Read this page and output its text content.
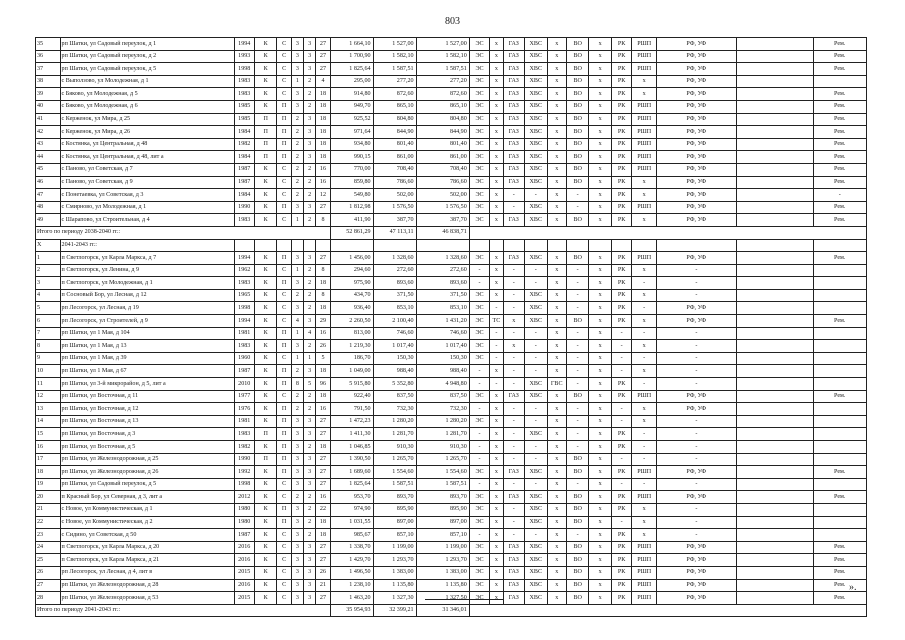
803
35	рп Шатки, ул Садовый переулок, д 1	1994	К	С	3	3	27	1 664,10	1 527,00	1 527,00	ЭС	х	ГАЗ	ХВС	х	ВО	х	РК	РШП	РФ, УФ		Рем.
36	рп Шатки, ул Садовый переулок, д 2	1993	К	С	3	3	27	1 700,90	1 582,10	1 582,10	ЭС	х	ГАЗ	ХВС	х	ВО	х	РК	РШП	РФ, УФ		Рем.
37	рп Шатки, ул Садовый переулок, д 5	1998	К	С	3	3	27	1 825,64	1 587,51	1 587,51	ЭС	х	ГАЗ	ХВС	х	ВО	х	РК	РШП	РФ, УФ		Рем.
38	с Выползово, ул Молодежная, д 1	1983	К	С	1	2	4	295,00	277,20	277,20	ЭС	х	ГАЗ	ХВС	х	ВО	х	РК	х	РФ, УФ		
39	с Бяково, ул Молодежная, д 5	1983	К	С	3	2	18	914,80	872,60	872,60	ЭС	х	ГАЗ	ХВС	х	ВО	х	РК	х	РФ, УФ		Рем.
40	с Бяково, ул Молодежная, д 6	1985	К	П	3	2	18	949,70	865,10	865,10	ЭС	х	ГАЗ	ХВС	х	ВО	х	РК	РШП	РФ, УФ		Рем.
41	с Керженок, ул Мира, д 25	1985	П	П	2	3	18	925,52	804,80	804,80	ЭС	х	ГАЗ	ХВС	х	ВО	х	РК	РШП	РФ, УФ		Рем.
42	с Керженок, ул Мира, д 26	1984	П	П	2	3	18	971,64	844,90	844,90	ЭС	х	ГАЗ	ХВС	х	ВО	х	РК	РШП	РФ, УФ		Рем.
43	с Костянка, ул Центральная, д 48	1982	П	П	2	3	18	934,80	801,40	801,40	ЭС	х	ГАЗ	ХВС	х	ВО	х	РК	РШП	РФ, УФ		Рем.
44	с Костянка, ул Центральная, д 48, лит а	1984	П	П	2	3	18	990,15	861,00	861,00	ЭС	х	ГАЗ	ХВС	х	ВО	х	РК	РШП	РФ, УФ		Рем.
45	с Паново, ул Советская, д 7	1987	К	С	2	2	16	770,00	708,40	708,40	ЭС	х	ГАЗ	ХВС	х	ВО	х	РК	РШП	РФ, УФ		Рем.
46	с Паново, ул Советская, д 9	1987	К	С	2	2	16	859,80	786,60	786,60	ЭС	х	ГАЗ	ХВС	х	ВО	х	РК	х	РФ, УФ		Рем.
47	с Понетаевка, ул Советская, д 3	1984	К	С	2	2	12	549,80	502,00	502,00	ЭС	х	-	-	х	-	х	РК	х	РФ, УФ		-
48	с Смирново, ул Молодежная, д 1	1990	К	П	3	3	27	1 812,98	1 576,50	1 576,50	ЭС	х	-	ХВС	х	-	х	РК	РШП	РФ, УФ		Рем.
49	с Шарапово, ул Строительная, д 4	1983	К	С	1	2	8	411,90	387,70	387,70	ЭС	х	ГАЗ	ХВС	х	ВО	х	РК	х	РФ, УФ		Рем.
Итого по периоду 2038-2040 гг.:								52 861,29	47 113,11	46 838,71												
Х	2041-2043 гг.:																					
1	п Светлогорск, ул Карла Маркса, д 7	1994	К	П	3	3	27	1 456,00	1 328,60	1 328,60	ЭС	х	ГАЗ	ХВС	х	ВО	х	РК	РШП	РФ, УФ		Рем.
2	п Светлогорск, ул Ленина, д 9	1962	К	С	1	2	8	294,60	272,60	272,60	-	х	-	-	х	-	х	РК	х	-		
3	п Светлогорск, ул Молодежная, д 1	1983	К	П	3	2	18	975,90	893,60	893,60	-	х	-	-	х	-	х	РК	-	-		
4	п Сосновый Бор, ул Лесная, д 12	1965	К	С	2	2	8	434,70	371,50	371,50	ЭС	х	-	ХВС	х	-	х	РК	х	-		
5	рп Лесогорск, ул Лесная, д 19	1998	К	С	3	2	18	936,40	853,10	853,10	ЭС	-	-	ХВС	х	-	х	РК	-	РФ, УФ		
6	рп Лесогорск, ул Строителей, д 9	1994	К	С	4	3	29	2 260,50	2 100,40	1 431,20	ЭС	ТС	х	ХВС	х	ВО	х	РК	х	РФ, УФ		Рем.
7	рп Шатки, ул 1 Мая, д 104	1981	К	П	1	4	16	813,00	746,60	746,60	ЭС	-	-	-	х	-	х	-	-	-		
8	рп Шатки, ул 1 Мая, д 13	1983	К	П	3	2	26	1 219,30	1 017,40	1 017,40	ЭС	-	х	-	х	-	х	-	х	-		
9	рп Шатки, ул 1 Мая, д 39	1960	К	С	1	1	5	186,70	150,30	150,30	ЭС	-	-	-	х	-	х	-	-	-		
10	рп Шатки, ул 1 Мая, д 67	1987	К	П	2	3	18	1 049,00	988,40	988,40	-	х	-	-	х	-	х	-	х	-		
11	рп Шатки, ул 3-й микрорайон, д 5, лит а	2010	К	П	8	5	96	5 915,80	5 352,80	4 948,80	-	-	-	ХВС	ГВС	-	х	РК	-	-		
12	рп Шатки, ул Восточная, д 11	1977	К	С	2	2	18	922,40	837,50	837,50	ЭС	х	ГАЗ	ХВС	х	ВО	х	РК	РШП	РФ, УФ		Рем.
13	рп Шатки, ул Восточная, д 12	1976	К	П	2	2	16	791,50	732,30	732,30	-	х	-	-	х	-	х	-	х	РФ, УФ		
14	рп Шатки, ул Восточная, д 13	1981	К	П	3	3	27	1 472,23	1 280,20	1 280,20	ЭС	х	-	-	х	-	х	-	х	-		
15	рп Шатки, ул Восточная, д 3	1983	П	П	3	3	27	1 411,30	1 281,70	1 281,70	-	х	-	ХВС	х	-	х	РК	-	-		
16	рп Шатки, ул Восточная, д 5	1982	К	П	3	2	18	1 046,85	910,30	910,30	-	х	-	-	х	-	х	РК	-	-		
17	рп Шатки, ул Железнодорожная, д 25	1990	П	П	3	3	27	1 390,50	1 265,70	1 265,70	-	х	-	-	х	ВО	х	-	-	-		
18	рп Шатки, ул Железнодорожная, д 26	1992	К	П	3	3	27	1 689,60	1 554,60	1 554,60	ЭС	х	ГАЗ	ХВС	х	ВО	х	РК	РШП	РФ, УФ		Рем.
19	рп Шатки, ул Садовый переулок, д 5	1998	К	С	3	3	27	1 825,64	1 587,51	1 587,51	-	х	-	-	х	-	х	-	-	-		
20	п Красный Бор, ул Северная, д 3, лит а	2012	К	С	2	2	16	953,70	893,70	893,70	ЭС	х	ГАЗ	ХВС	х	ВО	х	РК	РШП	РФ, УФ		Рем.
21	с Новое, ул Коммунистическая, д 1	1980	К	П	3	2	22	974,90	895,90	895,90	ЭС	х	-	ХВС	х	ВО	х	РК	х	-		
22	с Новое, ул Коммунистическая, д 2	1980	К	П	3	2	18	1 031,55	897,00	897,00	ЭС	х	-	ХВС	х	ВО	х	-	х	-		
23	с Сидино, ул Советская, д 50	1987	К	С	3	2	18	985,67	857,10	857,10	-	х	-	-	х	-	х	РК	х	-		
24	п Светлогорск, ул Карла Маркса, д 20	2016	К	С	3	3	27	1 338,70	1 199,00	1 199,00	ЭС	х	ГАЗ	ХВС	х	ВО	х	РК	РШП	РФ, УФ		Рем.
25	п Светлогорск, ул Карла Маркса, д 21	2016	К	С	3	3	27	1 429,70	1 293,70	1 293,70	ЭС	х	ГАЗ	ХВС	х	ВО	х	РК	РШП	РФ, УФ		Рем.
26	рп Лесогорск, ул Лесная, д 4, лит в	2015	К	С	3	3	26	1 496,50	1 383,00	1 383,00	ЭС	х	ГАЗ	ХВС	х	ВО	х	РК	РШП	РФ, УФ		Рем.
27	рп Шатки, ул Железнодорожная, д 28	2016	К	С	3	3	21	1 238,10	1 135,80	1 135,80	ЭС	х	ГАЗ	ХВС	х	ВО	х	РК	РШП	РФ, УФ		Рем.
28	рп Шатки, ул Железнодорожная, д 53	2015	К	С	3	3	27	1 463,20	1 327,30	1 327,50	ЭС	х	ГАЗ	ХВС	х	ВО	х	РК	РШП	РФ, УФ		Рем.
Итого по периоду 2041-2043 гг.:								35 954,93	32 399,21	31 346,01												
».
